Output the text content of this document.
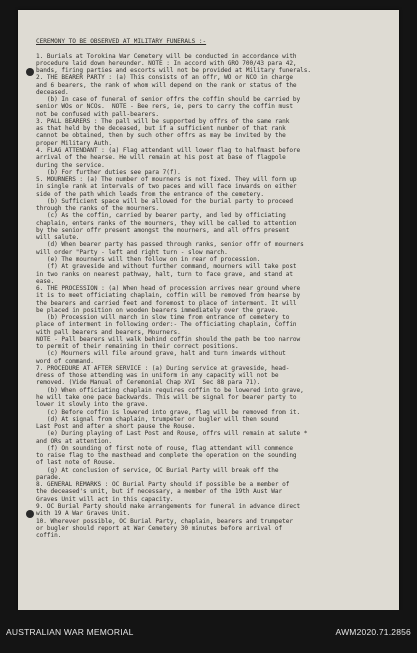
CEREMONY TO BE OBSERVED AT MILITARY FUNERALS :-
1. Burials at Torokina War Cemetery will be conducted in accordance with
procedure laid down hereunder. NOTE : In accord with GRO 700/43 para 42,
bands, firing parties and escorts will not be provided at Military funerals.
2. THE BEARER PARTY : (a) This consists of an offr, WO or NCO in charge
and 6 bearers, the rank of whom will depend on the rank or status of the
deceased.
(b) In case of funeral of senior offrs the coffin should be carried by
senior WOs or NCOs.  NOTE - Bee rers, ie, pers to carry the coffin must
not be confused with pall-bearers.
3. PALL BEARERS : The pall will be supported by offrs of the same rank
as that held by the deceased, but if a sufficient number of that rank
cannot be obtained, then by such other offrs as may be invited by the
proper Military Auth.
4. FLAG ATTENDANT : (a) Flag attendant will lower flag to halfmast before
arrival of the hearse. He will remain at his post at base of flagpole
during the service.
(b) For further duties see para 7(f).
5. MOURNERS : (a) The number of mourners is not fixed. They will form up
in single rank at intervals of two paces and will face inwards on either
side of the path which leads from the entrance of the cemetery.
(b) Sufficient space will be allowed for the burial party to proceed
through the ranks of the mourners.
(c) As the coffin, carried by bearer party, and led by officiating
chaplain, enters ranks of the mourners, they will be called to attention
by the senior offr present amongst the mourners, and all offrs present
will salute.
(d) When bearer party has passed through ranks, senior offr of mourners
will order "Party - left and right turn - slow march.
(e) The mourners will then follow on in rear of procession.
(f) At graveside and without further command, mourners will take post
in two ranks on nearest pathway, halt, turn to face grave, and stand at
ease.
6. THE PROCESSION : (a) When head of procession arrives near ground where
it is to meet officiating chaplain, coffin will be removed from hearse by
the bearers and carried feet and foremost to place of interment. It will
be placed in position on wooden bearers immediately over the grave.
(b) Procession will march in slow time from entrance of cemetery to
place of interment in following order:- The officiating chaplain, Coffin
with pall bearers and bearers, Mourners.
NOTE - Pall bearers will walk behind coffin should the path be too narrow
to permit of their remaining in their correct positions.
(c) Mourners will file around grave, halt and turn inwards without
word of command.
7. PROCEDURE AT AFTER SERVICE : (a) During service at graveside, head-
dress of those attending was in uniform in any capacity will not be
removed. (Vide Manual of Ceremonial Chap XVI  Sec 88 para 71).
(b) When officiating chaplain requires coffin to be lowered into grave,
he will take one pace backwards. This will be signal for bearer party to
lower it slowly into the grave.
(c) Before coffin is lowered into grave, flag will be removed from it.
(d) At signal from chaplain, trumpeter or bugler will then sound
Last Post and after a short pause the Rouse.
(e) During playing of Last Post and Rouse, offrs will remain at salute *
and ORs at attention.
(f) On sounding of first note of rouse, flag attendant will commence
to raise flag to the masthead and complete the operation on the sounding
of last note of Rouse.
(g) At conclusion of service, OC Burial Party will break off the
parade.
8. GENERAL REMARKS : OC Burial Party should if possible be a member of
the deceased's unit, but if necessary, a member of the 19th Aust War
Graves Unit will act in this capacity.
9. OC Burial Party should make arrangements for funeral in advance direct
with 19 A War Graves Unit.
10. Wherever possible, OC Burial Party, chaplain, bearers and trumpeter
or bugler should report at War Cemetery 30 minutes before arrival of
coffin.
AUSTRALIAN WAR MEMORIAL	AWM2020.71.2856
